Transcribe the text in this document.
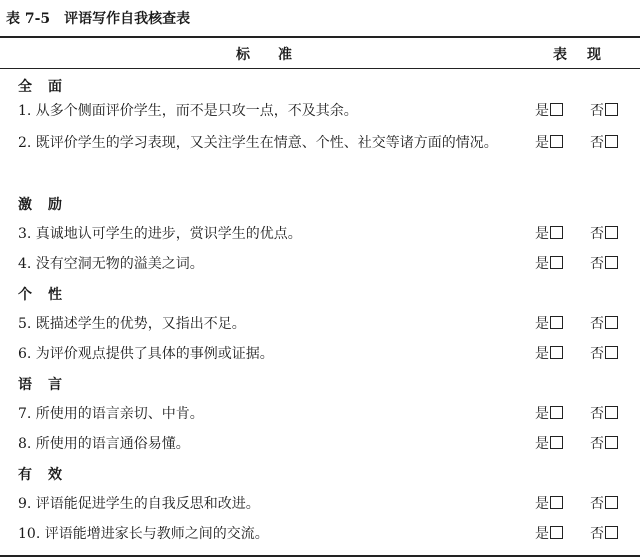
表 7-5 评语写作自我核查表
标准	表现
全面
1. 从多个侧面评价学生，而不是只攻一点，不及其余。	是	否
2. 既评价学生的学习表现，又关注学生在情意、个性、社交等诸方面的情况。	是	否
激励
3. 真诚地认可学生的进步，赏识学生的优点。	是	否
4. 没有空洞无物的溢美之词。	是	否
个性
5. 既描述学生的优势，又指出不足。	是	否
6. 为评价观点提供了具体的事例或证据。	是	否
语言
7. 所使用的语言亲切、中肯。	是	否
8. 所使用的语言通俗易懂。	是	否
有效
9. 评语能促进学生的自我反思和改进。	是	否
10. 评语能增进家长与教师之间的交流。	是	否
